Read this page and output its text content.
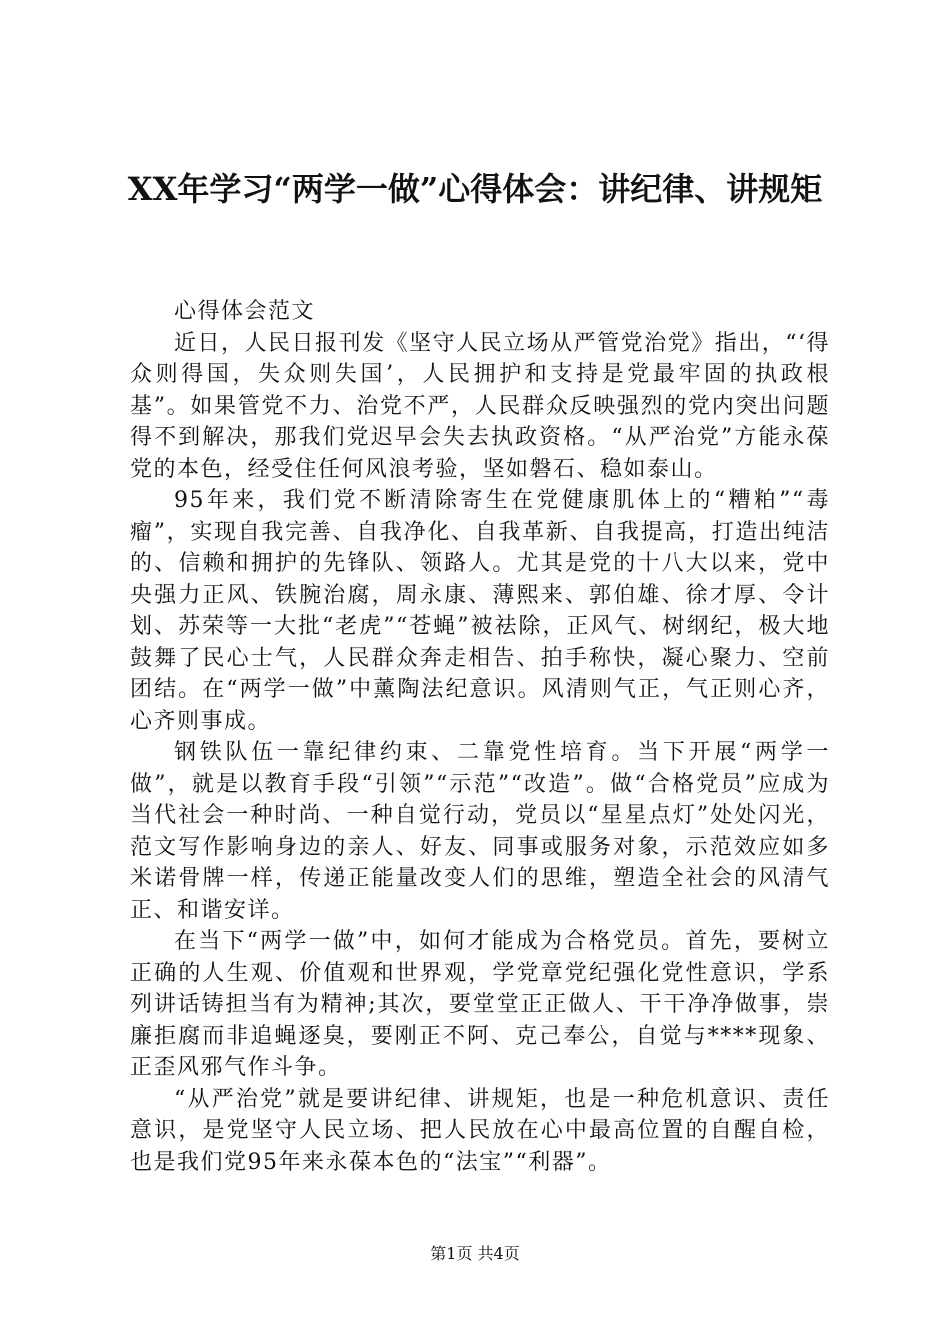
XX年学习“两学一做”心得体会：讲纪律、讲规矩

心得体会范文

近日，人民日报刊发《坚守人民立场从严管党治党》指出，“‘得众则得国，失众则失国’，人民拥护和支持是党最牢固的执政根基”。如果管党不力、治党不严，人民群众反映强烈的党内突出问题得不到解决，那我们党迟早会失去执政资格。“从严治党”方能永葆党的本色，经受住任何风浪考验，坚如磐石、稳如泰山。

95年来，我们党不断清除寄生在党健康肌体上的“糟粕”“毒瘤”，实现自我完善、自我净化、自我革新、自我提高，打造出纯洁的、信赖和拥护的先锋队、领路人。尤其是党的十八大以来，党中央强力正风、铁腕治腐，周永康、薄熙来、郭伯雄、徐才厚、令计划、苏荣等一大批“老虎”“苍蝇”被祛除，正风气、树纲纪，极大地鼓舞了民心士气，人民群众奔走相告、拍手称快，凝心聚力、空前团结。在“两学一做”中薰陶法纪意识。风清则气正，气正则心齐，心齐则事成。

钢铁队伍一靠纪律约束、二靠党性培育。当下开展“两学一做”，就是以教育手段“引领”“示范”“改造”。做“合格党员”应成为当代社会一种时尚、一种自觉行动，党员以“星星点灯”处处闪光，范文写作影响身边的亲人、好友、同事或服务对象，示范效应如多米诺骨牌一样，传递正能量改变人们的思维，塑造全社会的风清气正、和谐安详。

在当下“两学一做”中，如何才能成为合格党员。首先，要树立正确的人生观、价值观和世界观，学党章党纪强化党性意识，学系列讲话铸担当有为精神;其次，要堂堂正正做人、干干净净做事，崇廉拒腐而非追蝇逐臭，要刚正不阿、克己奉公，自觉与****现象、正歪风邪气作斗争。

“从严治党”就是要讲纪律、讲规矩，也是一种危机意识、责任意识，是党坚守人民立场、把人民放在心中最高位置的自醒自检，也是我们党95年来永葆本色的“法宝”“利器”。

第1页 共4页
